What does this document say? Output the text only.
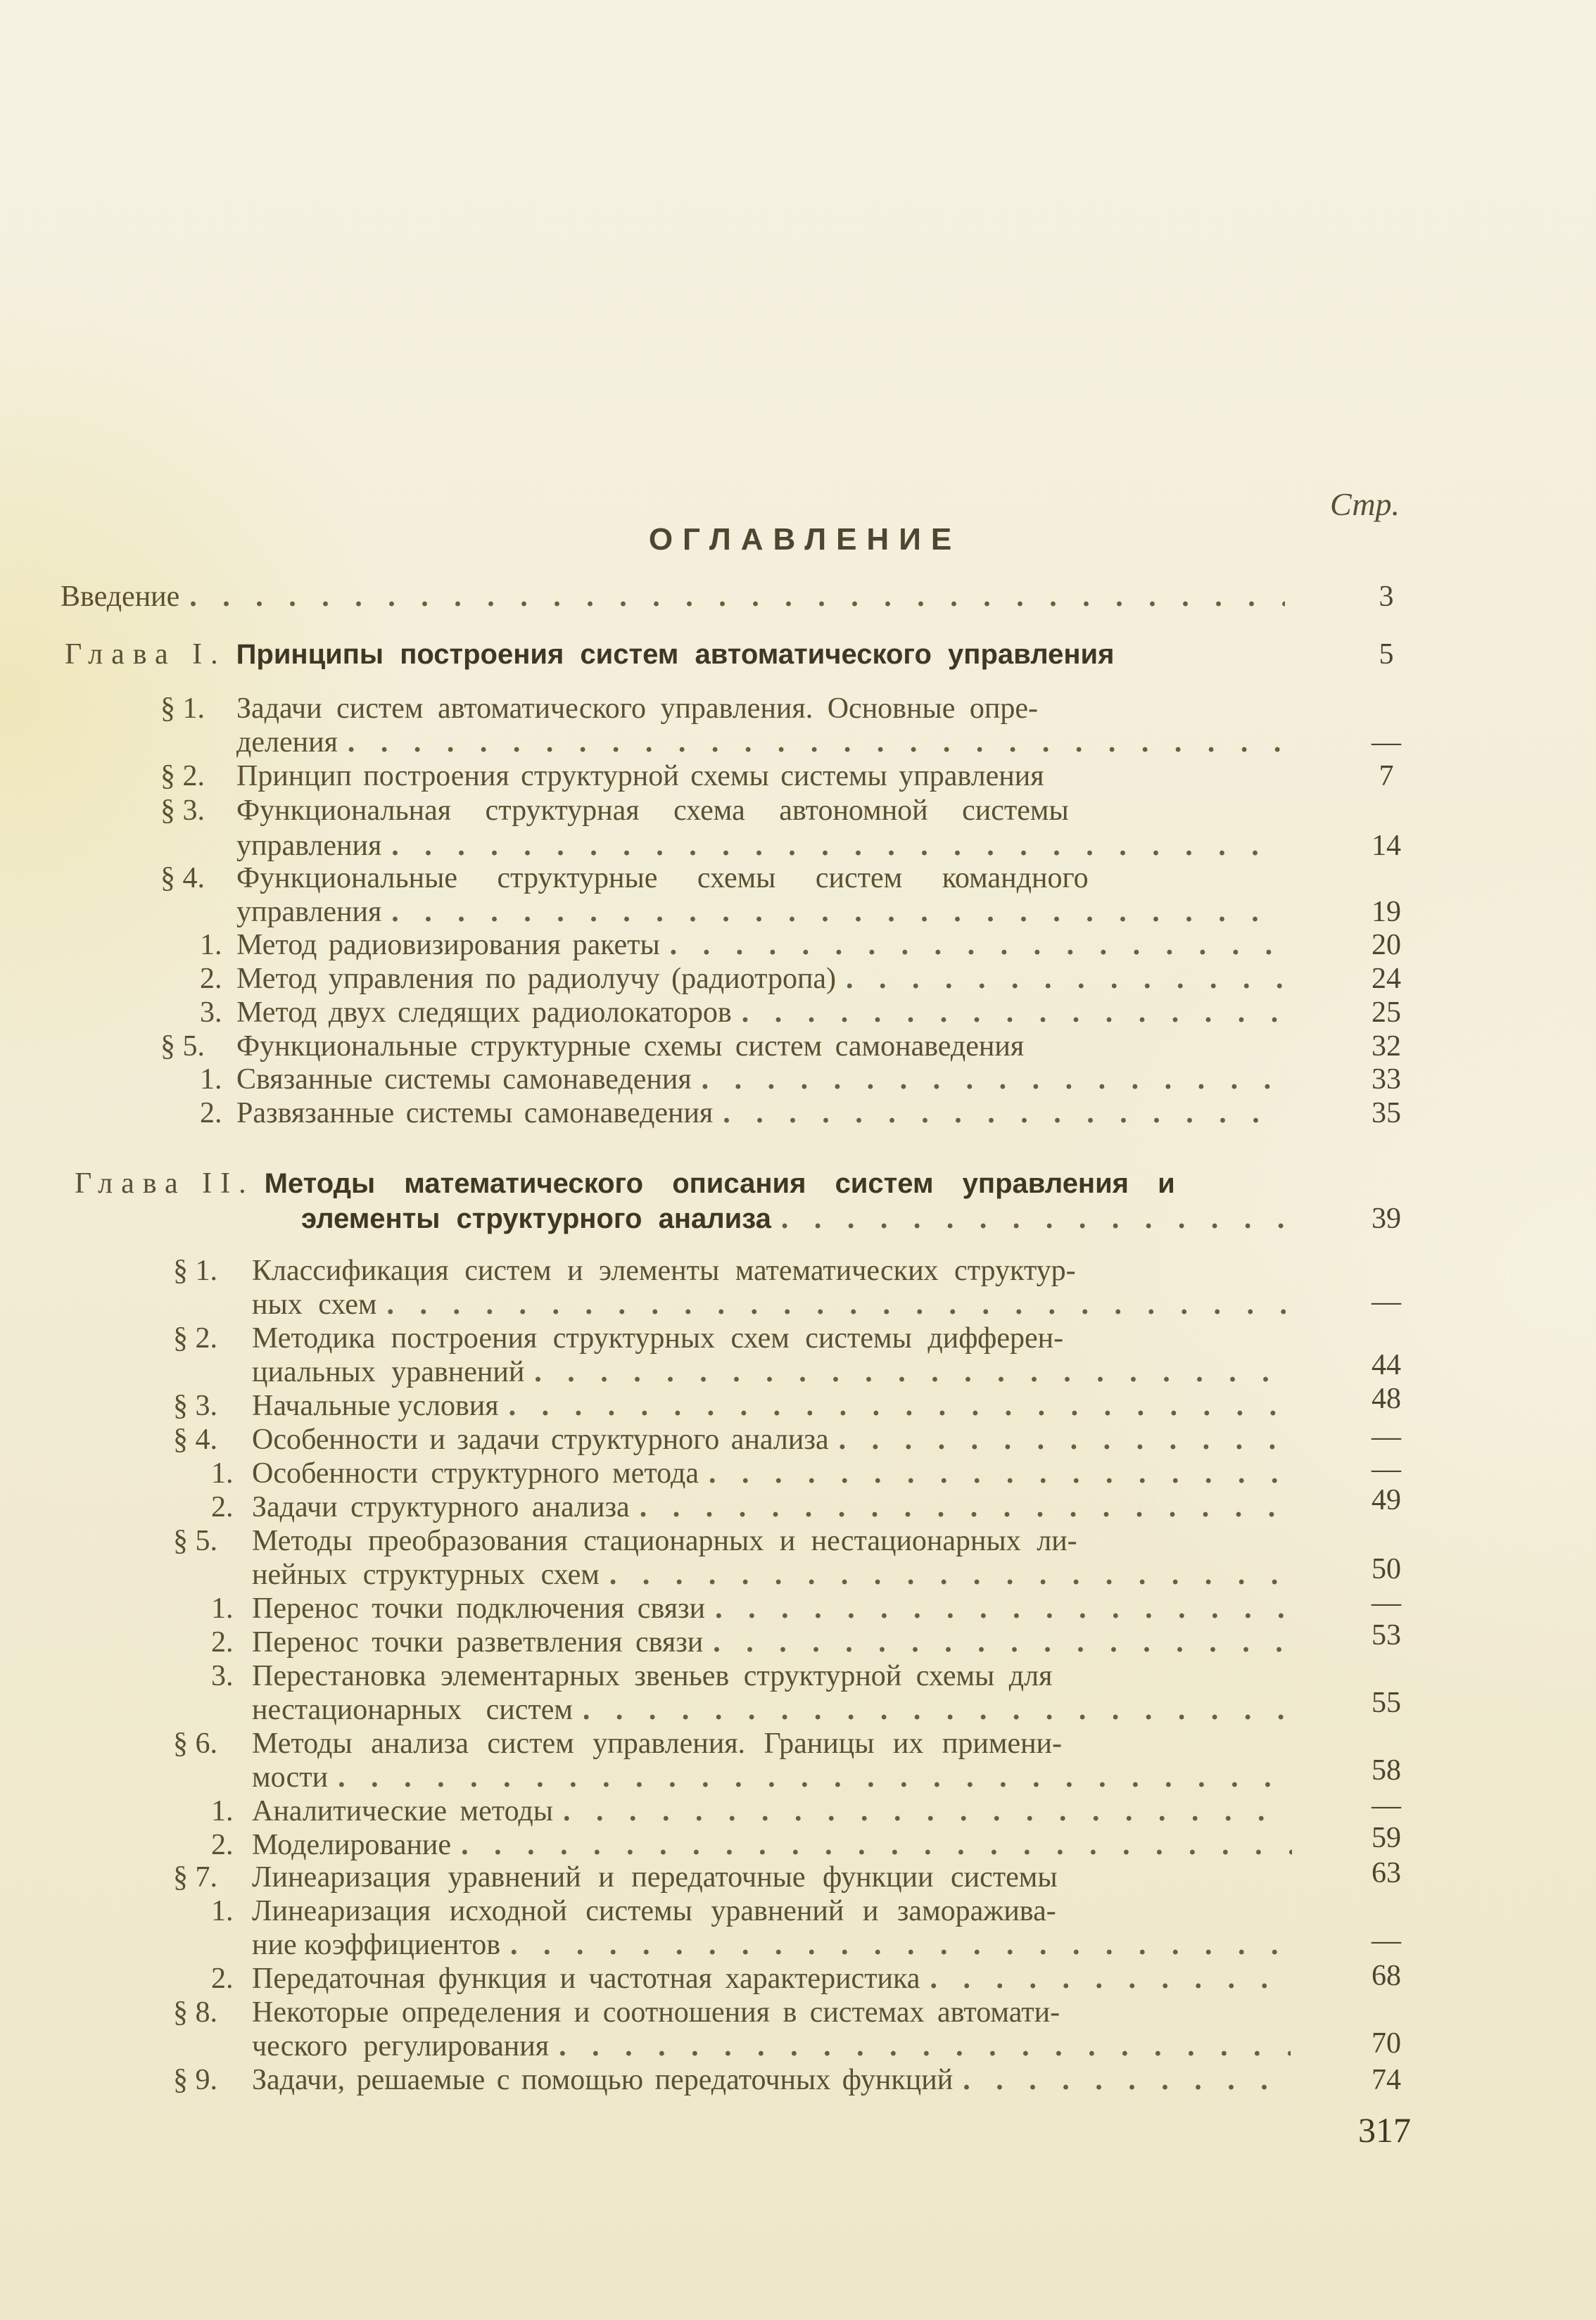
Стр.
ОГЛАВЛЕНИЕ
Введение . . .	3
Глава I. Принципы построения систем автоматического управления	5
§ 1.	Задачи систем автоматического управления. Основные опре-
деления . . .	—
§ 2.	Принцип построения структурной схемы системы управления	7
§ 3.	Функциональная структурная схема автономной системы
управления . . .	14
§ 4.	Функциональные структурные схемы систем командного
управления . . .	19
1. Метод радиовизирования ракеты . . .	20
2. Метод управления по радиолучу (радиотропа) . . .	24
3. Метод двух следящих радиолокаторов . . .	25
§ 5.	Функциональные структурные схемы систем самонаведения	32
1. Связанные системы самонаведения . . .	33
2. Развязанные системы самонаведения . . .	35
Глава II. Методы математического описания систем управления и
элементы структурного анализа . . .	39
§ 1.	Классификация систем и элементы математических структур-
ных схем . . .	—
§ 2.	Методика построения структурных схем системы дифферен-
циальных уравнений . . .	44
§ 3.	Начальные условия . . .	48
§ 4.	Особенности и задачи структурного анализа . . .	—
1. Особенности структурного метода . . .	—
2. Задачи структурного анализа . . .	49
§ 5.	Методы преобразования стационарных и нестационарных ли-
нейных структурных схем . . .	50
1. Перенос точки подключения связи . . .	—
2. Перенос точки разветвления связи . . .	53
3. Перестановка элементарных звеньев структурной схемы для
нестационарных систем . . .	55
§ 6.	Методы анализа систем управления. Границы их примени-
мости . . .	58
1. Аналитические методы . . .	—
2. Моделирование . . .	59
§ 7.	Линеаризация уравнений и передаточные функции системы	63
1. Линеаризация исходной системы уравнений и заморажива-
ние коэффициентов . . .	—
2. Передаточная функция и частотная характеристика . . .	68
§ 8.	Некоторые определения и соотношения в системах автомати-
ческого регулирования . . .	70
§ 9.	Задачи, решаемые с помощью передаточных функций . . .	74
317
